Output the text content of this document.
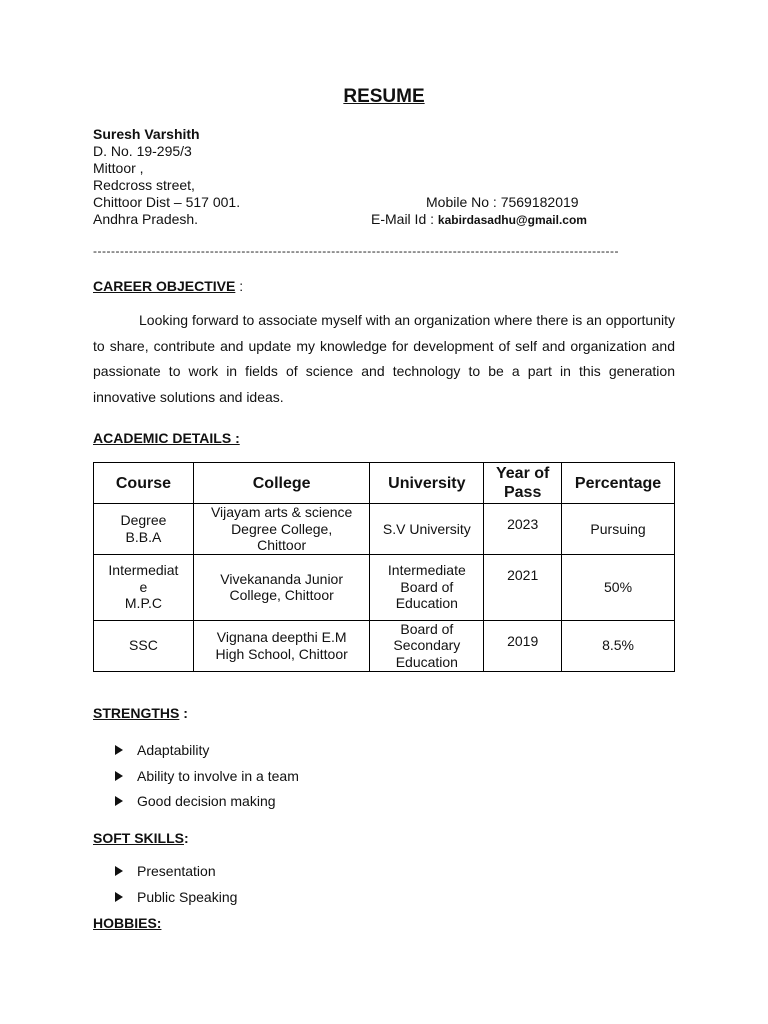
RESUME
Suresh Varshith
D. No. 19-295/3
Mittoor ,
Redcross street,
Chittoor Dist – 517 001.
Andhra Pradesh.
Mobile No : 7569182019
E-Mail Id : kabirdasadhu@gmail.com
---------------------------------------------------------------------------------------------------------------------
CAREER OBJECTIVE :

Looking forward to associate myself with an organization where there is an opportunity to share, contribute and update my knowledge for development of self and organization and passionate to work in fields of science and technology to be a part in this generation innovative solutions and ideas.

ACADEMIC DETAILS :
Course	College	University	Year of Pass	Percentage
Degree
B.B.A	Vijayam arts & science
Degree College,
Chittoor	S.V University	2023	Pursuing
Intermediat
e
M.P.C	Vivekananda Junior
College, Chittoor	Intermediate
Board of
Education	2021	50%
SSC	Vignana deepthi E.M
High School, Chittoor	Board of
Secondary
Education	2019	8.5%
STRENGTHS :
Adaptability
Ability to involve in a team
Good decision making
SOFT SKILLS:
Presentation
Public Speaking
HOBBIES:
